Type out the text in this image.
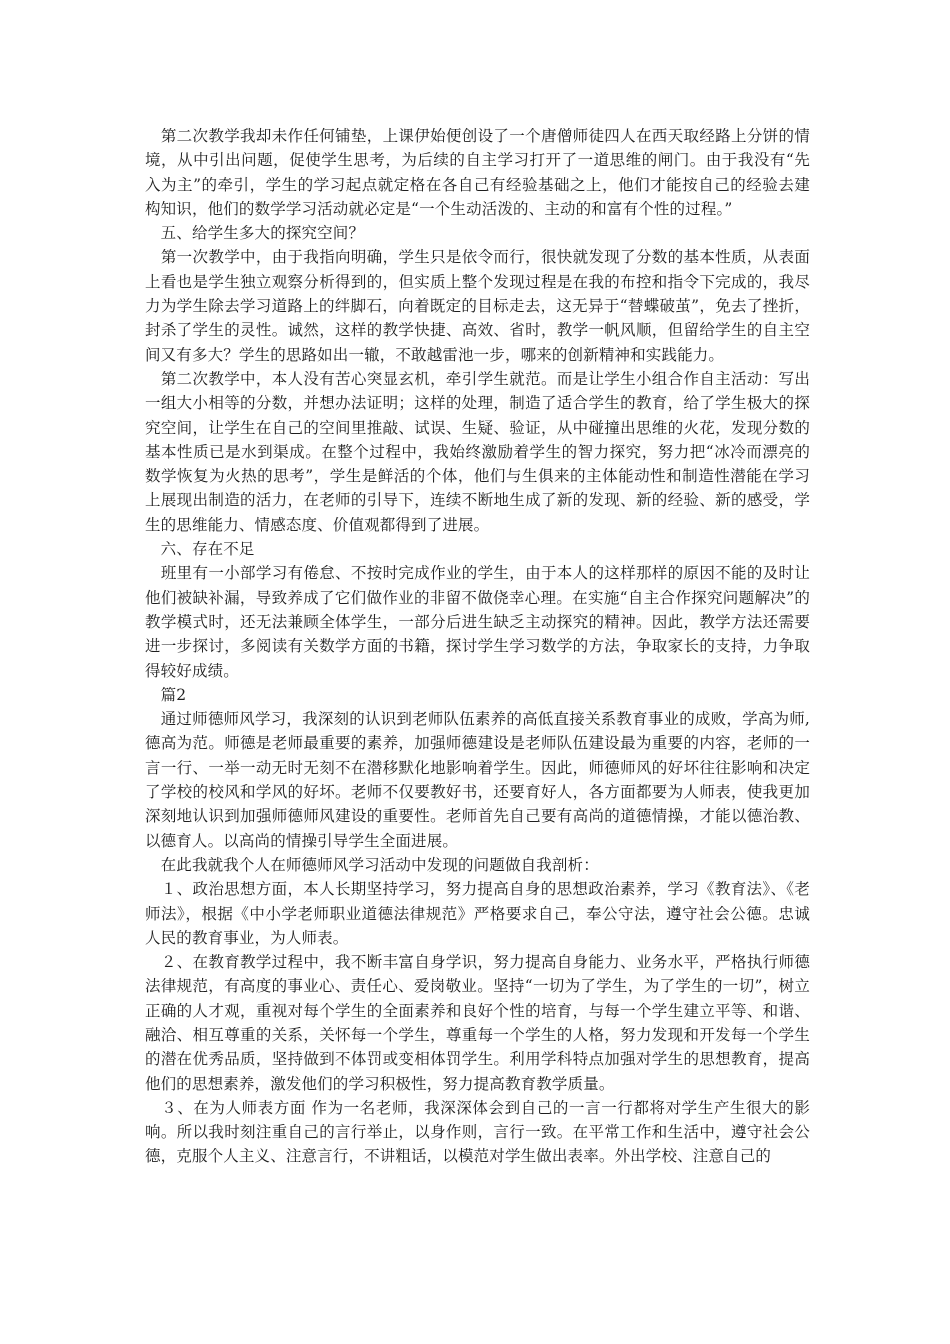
　第二次教学我却未作任何铺垫，上课伊始便创设了一个唐僧师徒四人在西天取经路上分饼的情境，从中引出问题，促使学生思考，为后续的自主学习打开了一道思维的闸门。由于我没有“先入为主”的牵引，学生的学习起点就定格在各自己有经验基础之上，他们才能按自己的经验去建构知识，他们的数学学习活动就必定是“一个生动活泼的、主动的和富有个性的过程。”

　五、给学生多大的探究空间？

　第一次教学中，由于我指向明确，学生只是依令而行，很快就发现了分数的基本性质，从表面上看也是学生独立观察分析得到的，但实质上整个发现过程是在我的布控和指令下完成的，我尽力为学生除去学习道路上的绊脚石，向着既定的目标走去，这无异于“替蝶破茧”，免去了挫折，封杀了学生的灵性。诚然，这样的教学快捷、高效、省时，教学一帆风顺，但留给学生的自主空间又有多大？学生的思路如出一辙，不敢越雷池一步，哪来的创新精神和实践能力。

　第二次教学中，本人没有苦心突显玄机，牵引学生就范。而是让学生小组合作自主活动：写出一组大小相等的分数，并想办法证明；这样的处理，制造了适合学生的教育，给了学生极大的探究空间，让学生在自己的空间里推敲、试误、生疑、验证，从中碰撞出思维的火花，发现分数的基本性质已是水到渠成。在整个过程中，我始终激励着学生的智力探究，努力把“冰冷而漂亮的数学恢复为火热的思考”，学生是鲜活的个体，他们与生俱来的主体能动性和制造性潜能在学习上展现出制造的活力，在老师的引导下，连续不断地生成了新的发现、新的经验、新的感受，学生的思维能力、情感态度、价值观都得到了进展。

　六、存在不足

　班里有一小部学习有倦怠、不按时完成作业的学生，由于本人的这样那样的原因不能的及时让他们被缺补漏，导致养成了它们做作业的非留不做侥幸心理。在实施“自主合作探究问题解决”的教学模式时，还无法兼顾全体学生，一部分后进生缺乏主动探究的精神。因此，教学方法还需要进一步探讨，多阅读有关数学方面的书籍，探讨学生学习数学的方法，争取家长的支持，力争取得较好成绩。

　篇2

　通过师德师风学习，我深刻的认识到老师队伍素养的高低直接关系教育事业的成败，学高为师,德高为范。师德是老师最重要的素养，加强师德建设是老师队伍建设最为重要的内容，老师的一言一行、一举一动无时无刻不在潜移默化地影响着学生。因此，师德师风的好坏往往影响和决定了学校的校风和学风的好坏。老师不仅要教好书，还要育好人，各方面都要为人师表，使我更加深刻地认识到加强师德师风建设的重要性。老师首先自己要有高尚的道德情操，才能以德治教、以德育人。以高尚的情操引导学生全面进展。

　在此我就我个人在师德师风学习活动中发现的问题做自我剖析：

　１、政治思想方面，本人长期坚持学习，努力提高自身的思想政治素养，学习《教育法》、《老师法》，根据《中小学老师职业道德法律规范》严格要求自己，奉公守法，遵守社会公德。忠诚人民的教育事业，为人师表。

　２、在教育教学过程中，我不断丰富自身学识，努力提高自身能力、业务水平，严格执行师德法律规范，有高度的事业心、责任心、爱岗敬业。坚持“一切为了学生，为了学生的一切”，树立 正确的人才观，重视对每个学生的全面素养和良好个性的培育，与每一个学生建立平等、和谐、融洽、相互尊重的关系，关怀每一个学生，尊重每一个学生的人格，努力发现和开发每一个学生的潜在优秀品质，坚持做到不体罚或变相体罚学生。利用学科特点加强对学生的思想教育，提高他们的思想素养，激发他们的学习积极性，努力提高教育教学质量。

　３、在为人师表方面 作为一名老师，我深深体会到自己的一言一行都将对学生产生很大的影响。所以我时刻注重自己的言行举止，以身作则，言行一致。在平常工作和生活中，遵守社会公德，克服个人主义、注意言行，不讲粗话，以模范对学生做出表率。外出学校、注意自己的
